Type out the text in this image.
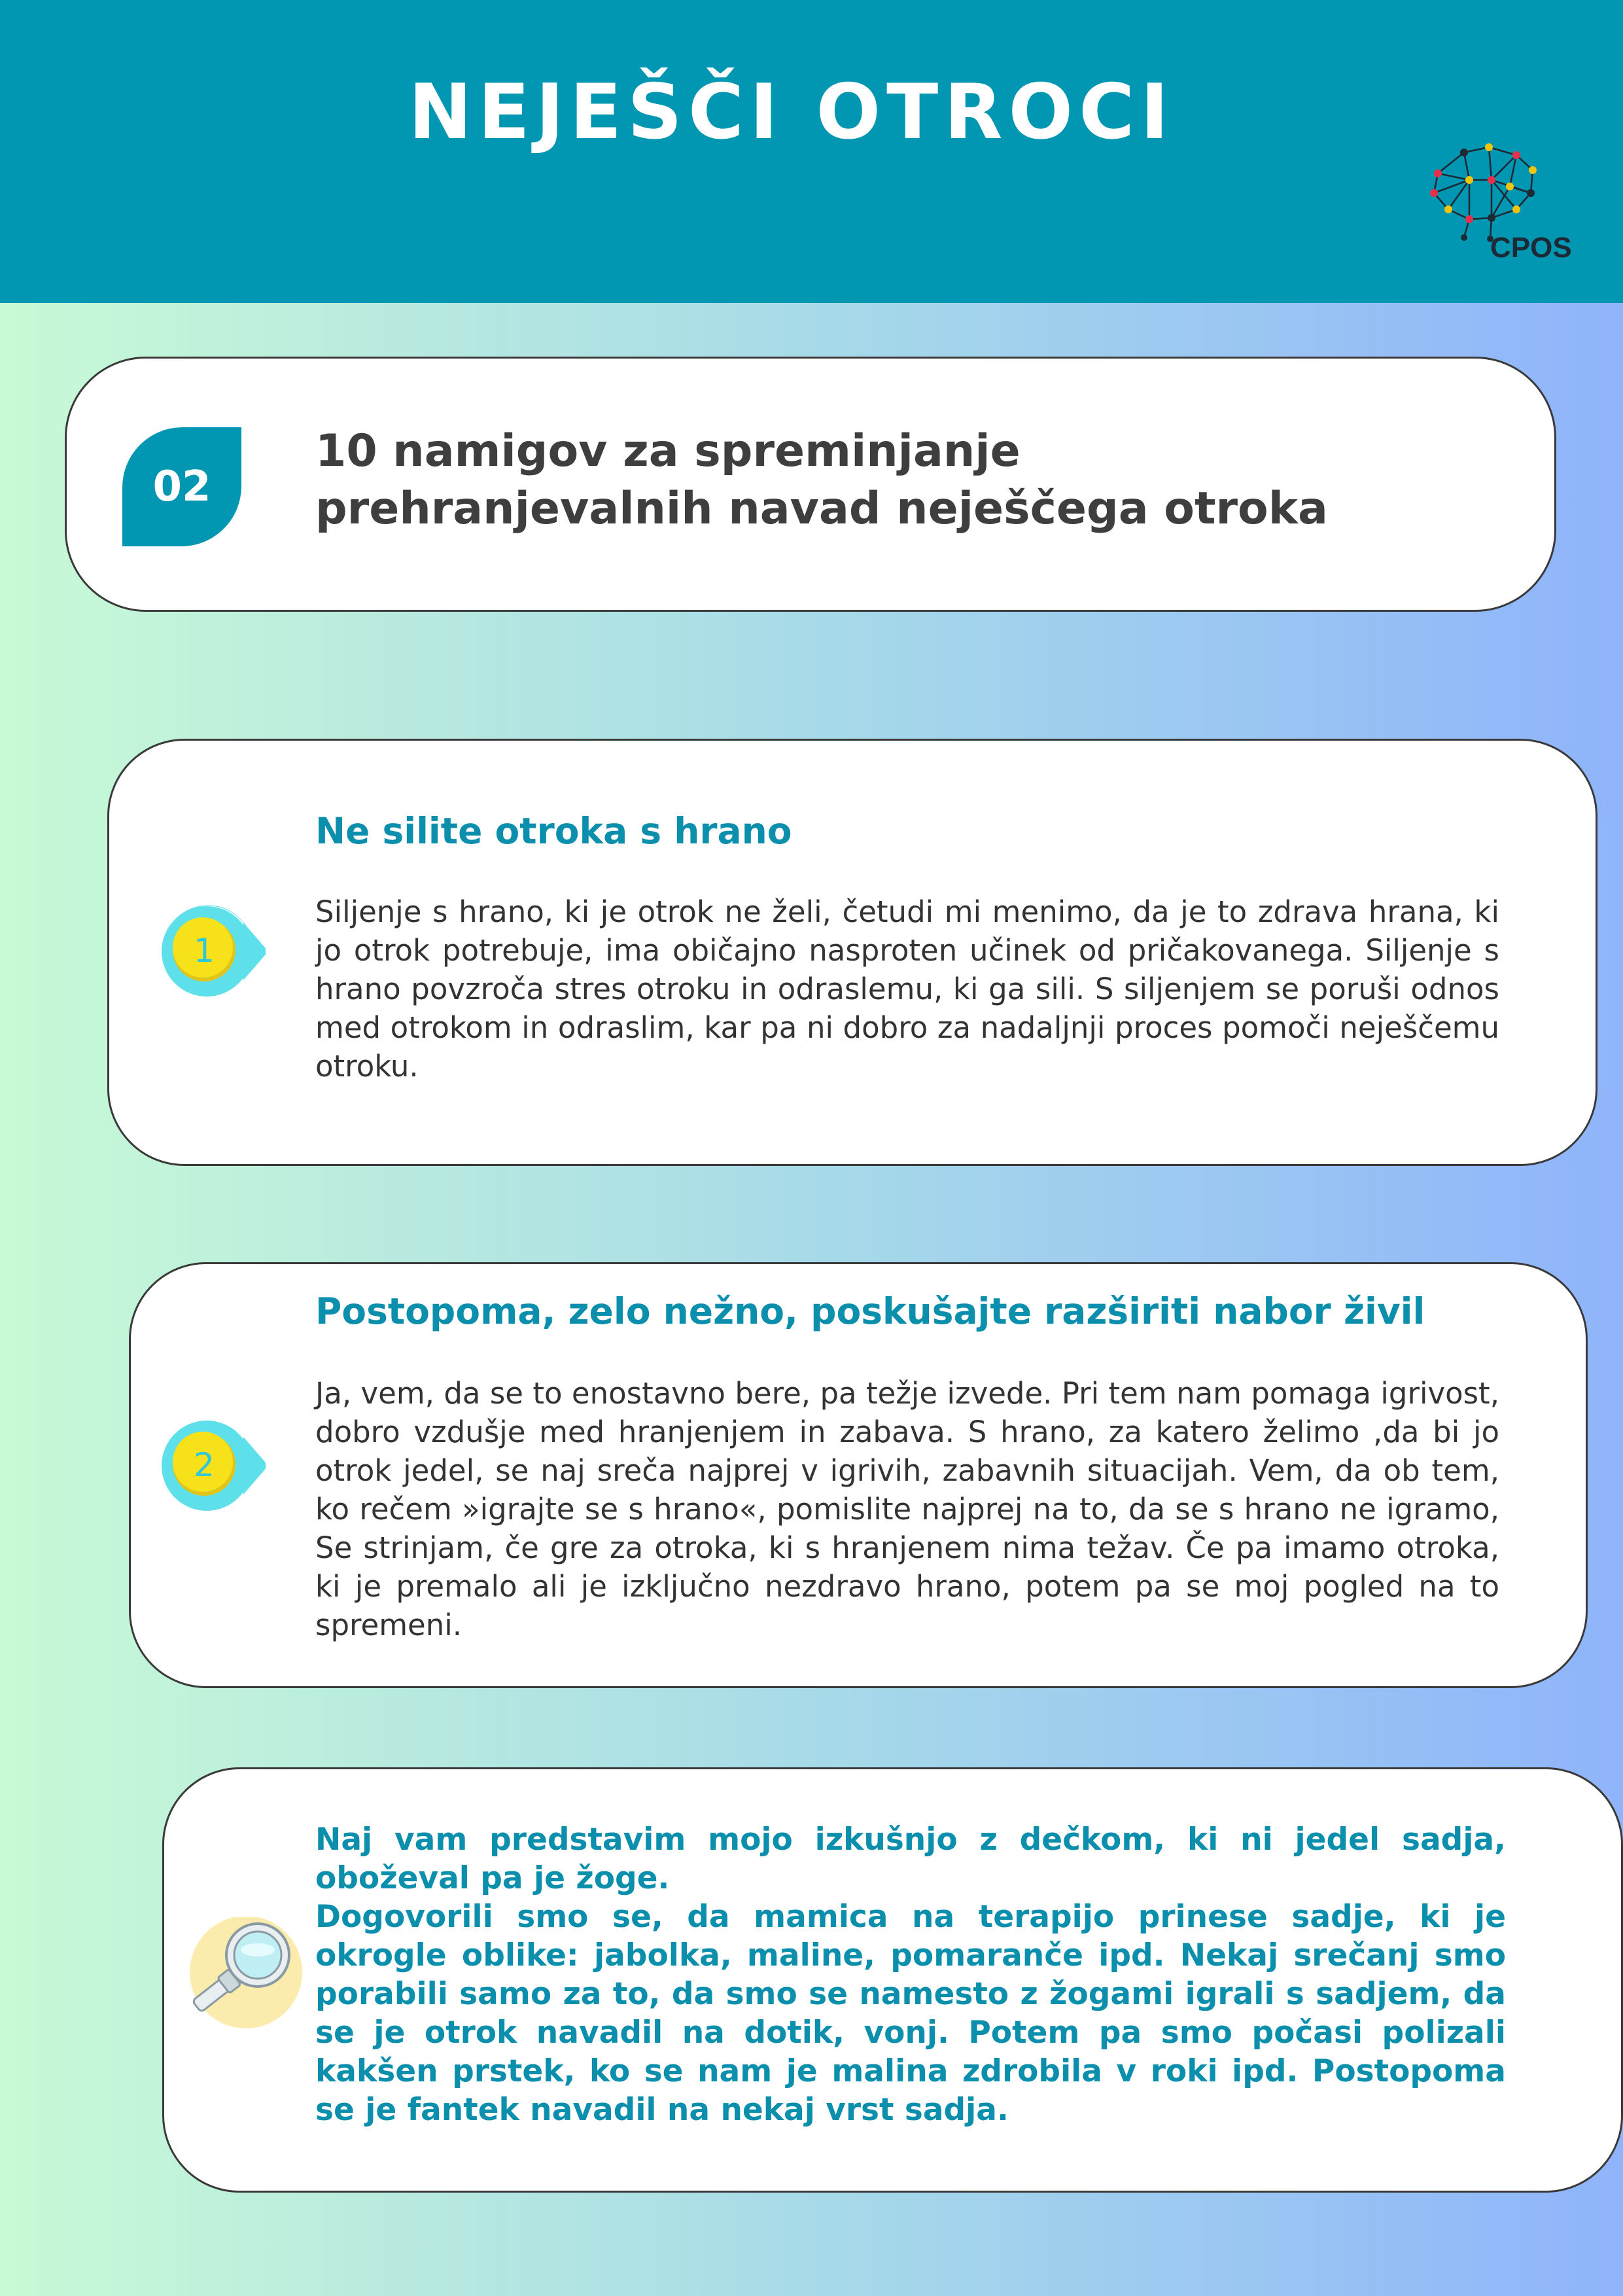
NEJEŠČI OTROCI
CPOS
02
10 namigov za spreminjanje prehranjevalnih navad neješčega otroka
1
Ne silite otroka s hrano

Siljenje s hrano, ki je otrok ne želi, četudi mi menimo, da je to zdrava hrana, ki jo otrok potrebuje, ima običajno nasproten učinek od pričakovanega. Siljenje s hrano povzroča stres otroku in odraslemu, ki ga sili. S siljenjem se poruši odnos med otrokom in odraslim, kar pa ni dobro za nadaljnji proces pomoči neješčemu otroku.

2
Postopoma, zelo nežno, poskušajte razširiti nabor živil

Ja, vem, da se to enostavno bere, pa težje izvede. Pri tem nam pomaga igrivost, dobro vzdušje med hranjenjem in zabava. S hrano, za katero želimo ,da bi jo otrok jedel, se naj sreča najprej v igrivih, zabavnih situacijah. Vem, da ob tem, ko rečem »igrajte se s hrano«, pomislite najprej na to, da se s hrano ne igramo, Se strinjam, če gre za otroka, ki s hranjenem nima težav. Če pa imamo otroka, ki je premalo ali je izključno nezdravo hrano, potem pa se moj pogled na to spremeni.

Naj vam predstavim mojo izkušnjo z dečkom, ki ni jedel sadja, oboževal pa je žoge.

Dogovorili smo se, da mamica na terapijo prinese sadje, ki je okrogle oblike: jabolka, maline, pomaranče ipd. Nekaj srečanj smo porabili samo za to, da smo se namesto z žogami igrali s sadjem, da se je otrok navadil na dotik, vonj. Potem pa smo počasi polizali kakšen prstek, ko se nam je malina zdrobila v roki ipd. Postopoma se je fantek navadil na nekaj vrst sadja.
